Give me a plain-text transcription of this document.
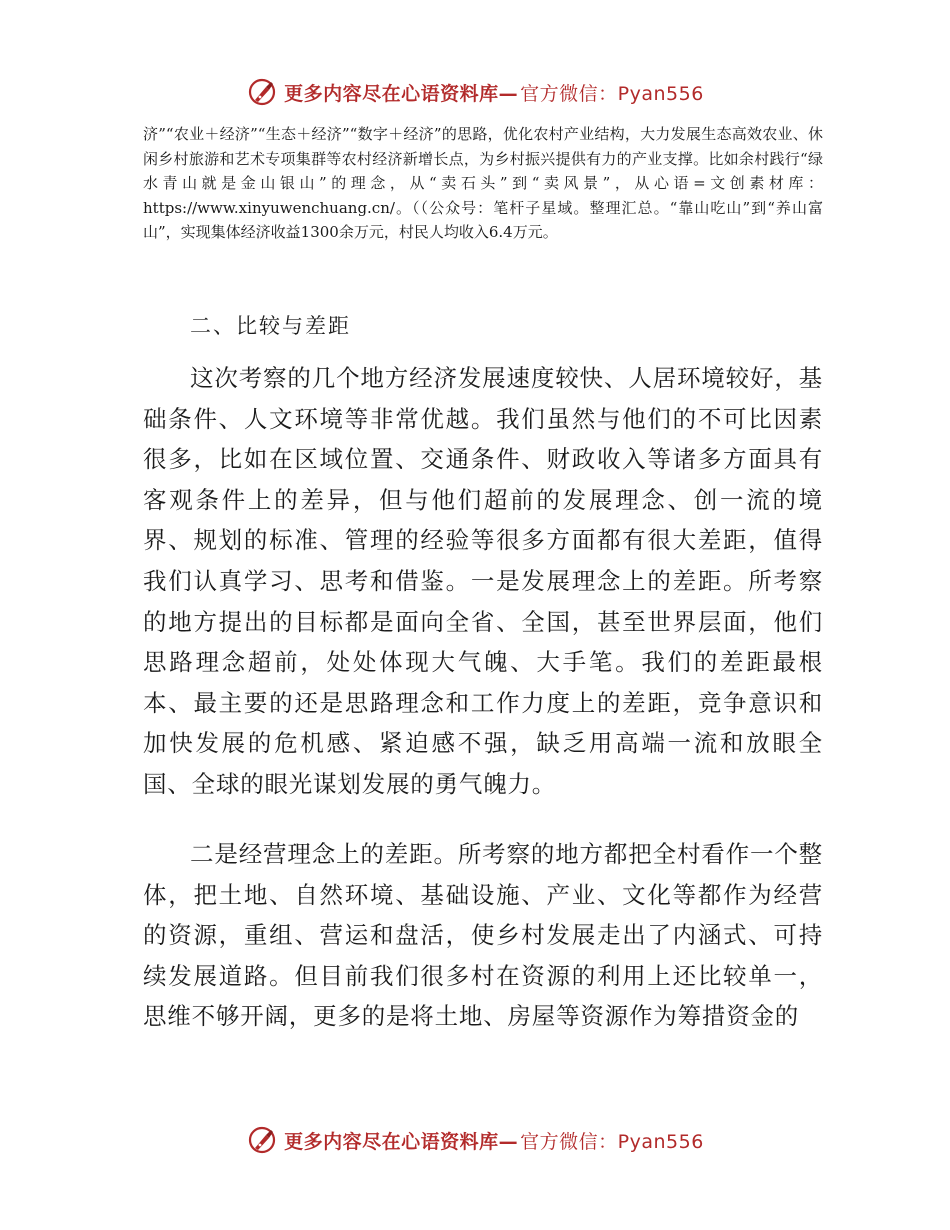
更多内容尽在心语资料库— 官方微信：Pyan556

济”“农业＋经济”“生态＋经济”“数字＋经济”的思路，优化农村产业结构，大力发展生态高效农业、休闲乡村旅游和艺术专项集群等农村经济新增长点，为乡村振兴提供有力的产业支撑。比如余村践行“绿水青山就是金山银山”的理念，从“卖石头”到“卖风景”，从心语=文创素材库：https://www.xinyuwenchuang.cn/。（（公众号：笔杆子星域。整理汇总。“靠山吃山”到“养山富山”，实现集体经济收益1300余万元，村民人均收入6.4万元。

二、比较与差距

这次考察的几个地方经济发展速度较快、人居环境较好，基础条件、人文环境等非常优越。我们虽然与他们的不可比因素很多，比如在区域位置、交通条件、财政收入等诸多方面具有客观条件上的差异，但与他们超前的发展理念、创一流的境界、规划的标准、管理的经验等很多方面都有很大差距，值得我们认真学习、思考和借鉴。一是发展理念上的差距。所考察的地方提出的目标都是面向全省、全国，甚至世界层面，他们思路理念超前，处处体现大气魄、大手笔。我们的差距最根本、最主要的还是思路理念和工作力度上的差距，竞争意识和加快发展的危机感、紧迫感不强，缺乏用高端一流和放眼全国、全球的眼光谋划发展的勇气魄力。

二是经营理念上的差距。所考察的地方都把全村看作一个整体，把土地、自然环境、基础设施、产业、文化等都作为经营的资源，重组、营运和盘活，使乡村发展走出了内涵式、可持续发展道路。但目前我们很多村在资源的利用上还比较单一，思维不够开阔，更多的是将土地、房屋等资源作为筹措资金的

更多内容尽在心语资料库— 官方微信：Pyan556
